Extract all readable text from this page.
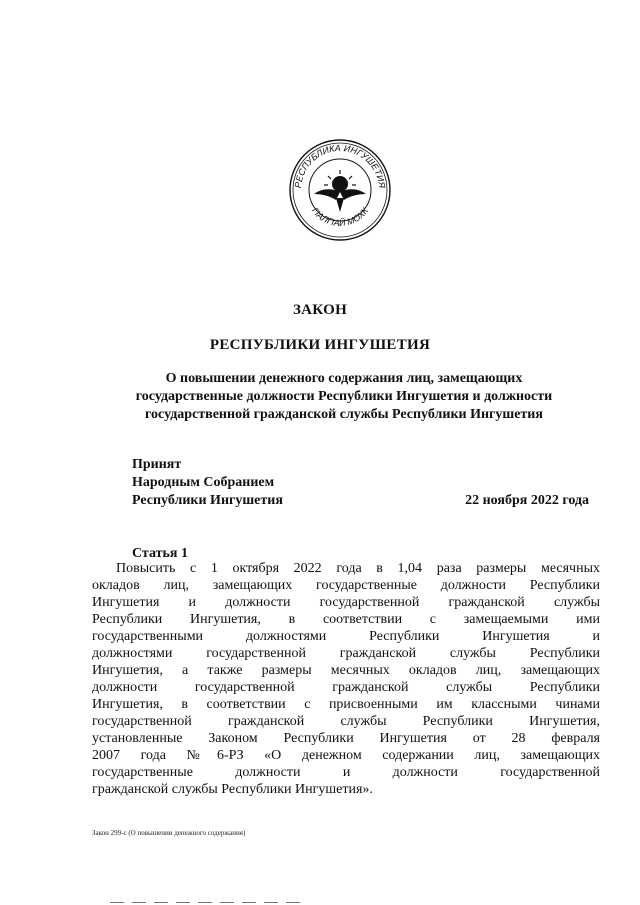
РЕСПУБЛИКА ИНГУШЕТИЯ
ГIАЛГIАЙ МОХК
ЗАКОН
РЕСПУБЛИКИ ИНГУШЕТИЯ
О повышении денежного содержания лиц, замещающих
государственные должности Республики Ингушетия и должности
государственной гражданской службы Республики Ингушетия
Принят
Народным Собранием
Республики Ингушетия	22 ноября 2022 года
Статья 1
Повысить с 1 октября 2022 года в 1,04 раза размеры месячных
окладов лиц, замещающих государственные должности Республики
Ингушетия и должности государственной гражданской службы
Республики Ингушетия, в соответствии с замещаемыми ими
государственными должностями Республики Ингушетия и
должностями государственной гражданской службы Республики
Ингушетия, а также размеры месячных окладов лиц, замещающих
должности государственной гражданской службы Республики
Ингушетия, в соответствии с присвоенными им классными чинами
государственной гражданской службы Республики Ингушетия,
установленные Законом Республики Ингушетия от 28 февраля
2007 года №6-РЗ «О денежном содержании лиц, замещающих
государственные должности и должности государственной
гражданской службы Республики Ингушетия».
Закон 299-с (О повышении денежного содержания)
